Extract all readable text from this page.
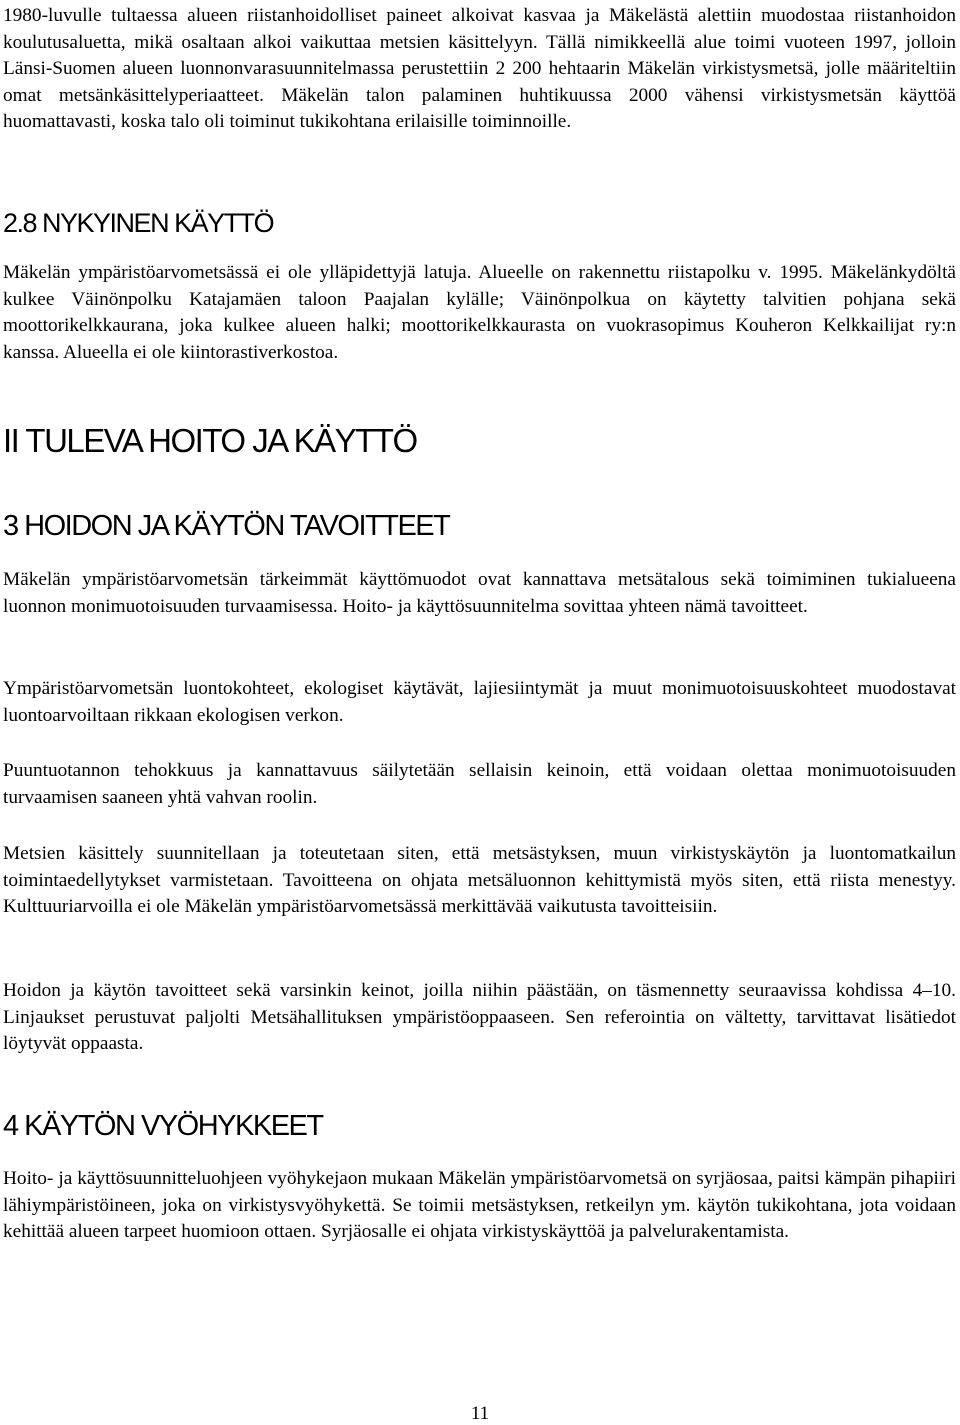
1980-luvulle tultaessa alueen riistanhoidolliset paineet alkoivat kasvaa ja Mäkelästä alettiin muodostaa riistanhoidon koulutusaluetta, mikä osaltaan alkoi vaikuttaa metsien käsittelyyn. Tällä nimikkeellä alue toimi vuoteen 1997, jolloin Länsi-Suomen alueen luonnonvarasuunnitelmassa perustettiin 2 200 hehtaarin Mäkelän virkistysmetsä, jolle määriteltiin omat metsänkäsittelyperiaatteet. Mäkelän talon palaminen huhtikuussa 2000 vähensi virkistysmetsän käyttöä huomattavasti, koska talo oli toiminut tukikohtana erilaisille toiminnoille.

2.8 NYKYINEN KÄYTTÖ

Mäkelän ympäristöarvometsässä ei ole ylläpidettyjä latuja. Alueelle on rakennettu riistapolku v. 1995. Mäkelänkydöltä kulkee Väinönpolku Katajamäen taloon Paajalan kylälle; Väinönpolkua on käytetty talvitien pohjana sekä moottorikelkkaurana, joka kulkee alueen halki; moottorikelkkaurasta on vuokrasopimus Kouheron Kelkkailijat ry:n kanssa. Alueella ei ole kiintorastiverkostoa.

II TULEVA HOITO JA KÄYTTÖ
3 HOIDON JA KÄYTÖN TAVOITTEET

Mäkelän ympäristöarvometsän tärkeimmät käyttömuodot ovat kannattava metsätalous sekä toimiminen tukialueena luonnon monimuotoisuuden turvaamisessa. Hoito- ja käyttösuunnitelma sovittaa yhteen nämä tavoitteet.

Ympäristöarvometsän luontokohteet, ekologiset käytävät, lajiesiintymät ja muut monimuotoisuuskohteet muodostavat luontoarvoiltaan rikkaan ekologisen verkon.

Puuntuotannon tehokkuus ja kannattavuus säilytetään sellaisin keinoin, että voidaan olettaa monimuotoisuuden turvaamisen saaneen yhtä vahvan roolin.

Metsien käsittely suunnitellaan ja toteutetaan siten, että metsästyksen, muun virkistyskäytön ja luontomatkailun toimintaedellytykset varmistetaan. Tavoitteena on ohjata metsäluonnon kehittymistä myös siten, että riista menestyy. Kulttuuriarvoilla ei ole Mäkelän ympäristöarvometsässä merkittävää vaikutusta tavoitteisiin.

Hoidon ja käytön tavoitteet sekä varsinkin keinot, joilla niihin päästään, on täsmennetty seuraavissa kohdissa 4–10. Linjaukset perustuvat paljolti Metsähallituksen ympäristöoppaaseen. Sen referointia on vältetty, tarvittavat lisätiedot löytyvät oppaasta.

4 KÄYTÖN VYÖHYKKEET

Hoito- ja käyttösuunnitteluohjeen vyöhykejaon mukaan Mäkelän ympäristöarvometsä on syrjäosaa, paitsi kämpän pihapiiri lähiympäristöineen, joka on virkistysvyöhykettä. Se toimii metsästyksen, retkeilyn ym. käytön tukikohtana, jota voidaan kehittää alueen tarpeet huomioon ottaen. Syrjäosalle ei ohjata virkistyskäyttöä ja palvelurakentamista.

11
